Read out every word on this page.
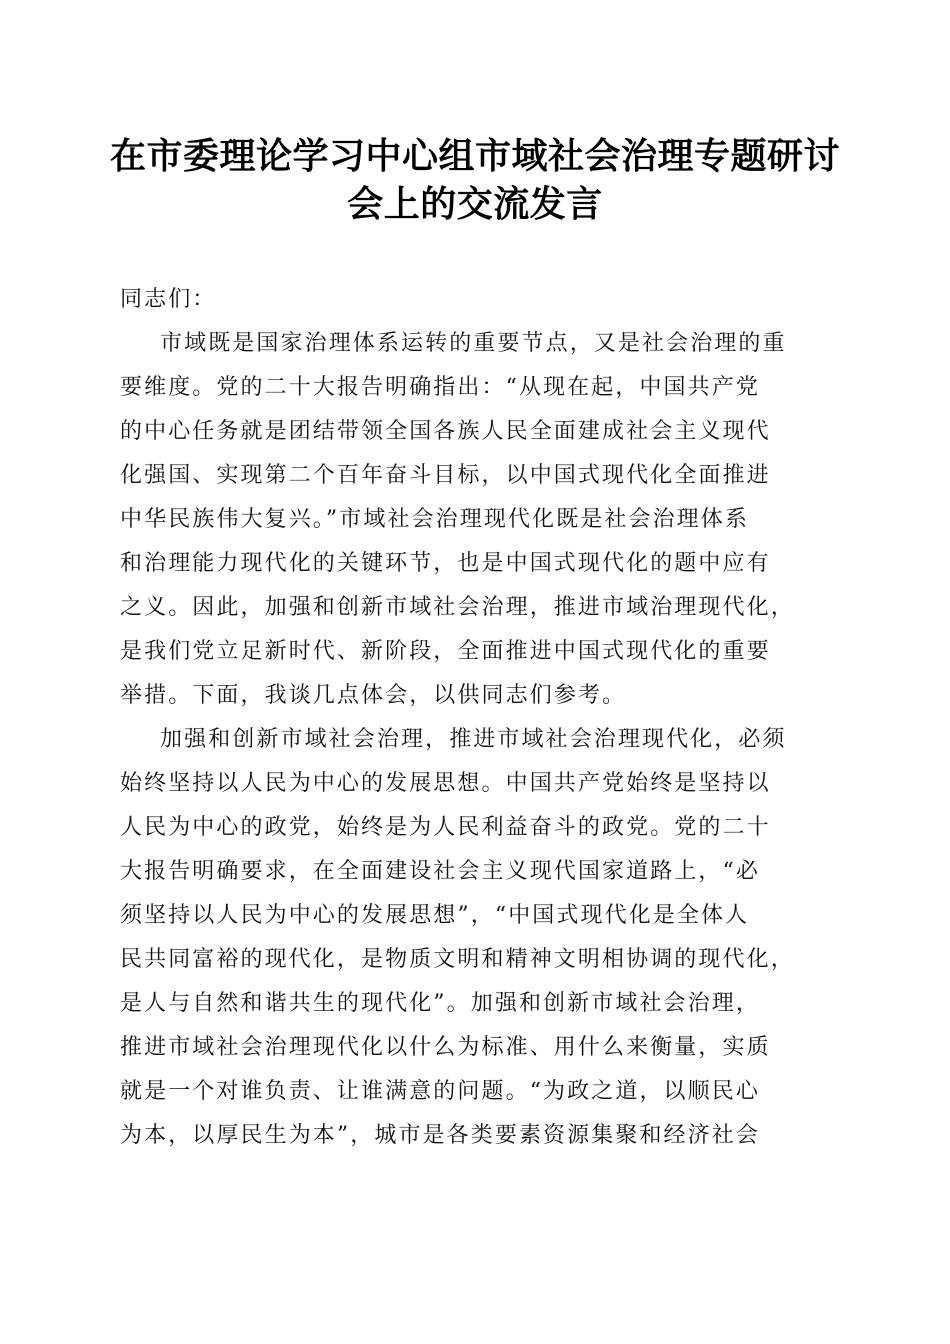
在市委理论学习中心组市域社会治理专题研讨
会上的交流发言
同志们：
市域既是国家治理体系运转的重要节点，又是社会治理的重
要维度。党的二十大报告明确指出：“从现在起，中国共产党
的中心任务就是团结带领全国各族人民全面建成社会主义现代
化强国、实现第二个百年奋斗目标，以中国式现代化全面推进
中华民族伟大复兴。”市域社会治理现代化既是社会治理体系
和治理能力现代化的关键环节，也是中国式现代化的题中应有
之义。因此，加强和创新市域社会治理，推进市域治理现代化，
是我们党立足新时代、新阶段，全面推进中国式现代化的重要
举措。下面，我谈几点体会，以供同志们参考。
加强和创新市域社会治理，推进市域社会治理现代化，必须
始终坚持以人民为中心的发展思想。中国共产党始终是坚持以
人民为中心的政党，始终是为人民利益奋斗的政党。党的二十
大报告明确要求，在全面建设社会主义现代国家道路上，“必
须坚持以人民为中心的发展思想”，“中国式现代化是全体人
民共同富裕的现代化，是物质文明和精神文明相协调的现代化，
是人与自然和谐共生的现代化”。加强和创新市域社会治理，
推进市域社会治理现代化以什么为标准、用什么来衡量，实质
就是一个对谁负责、让谁满意的问题。“为政之道，以顺民心
为本，以厚民生为本”，城市是各类要素资源集聚和经济社会
